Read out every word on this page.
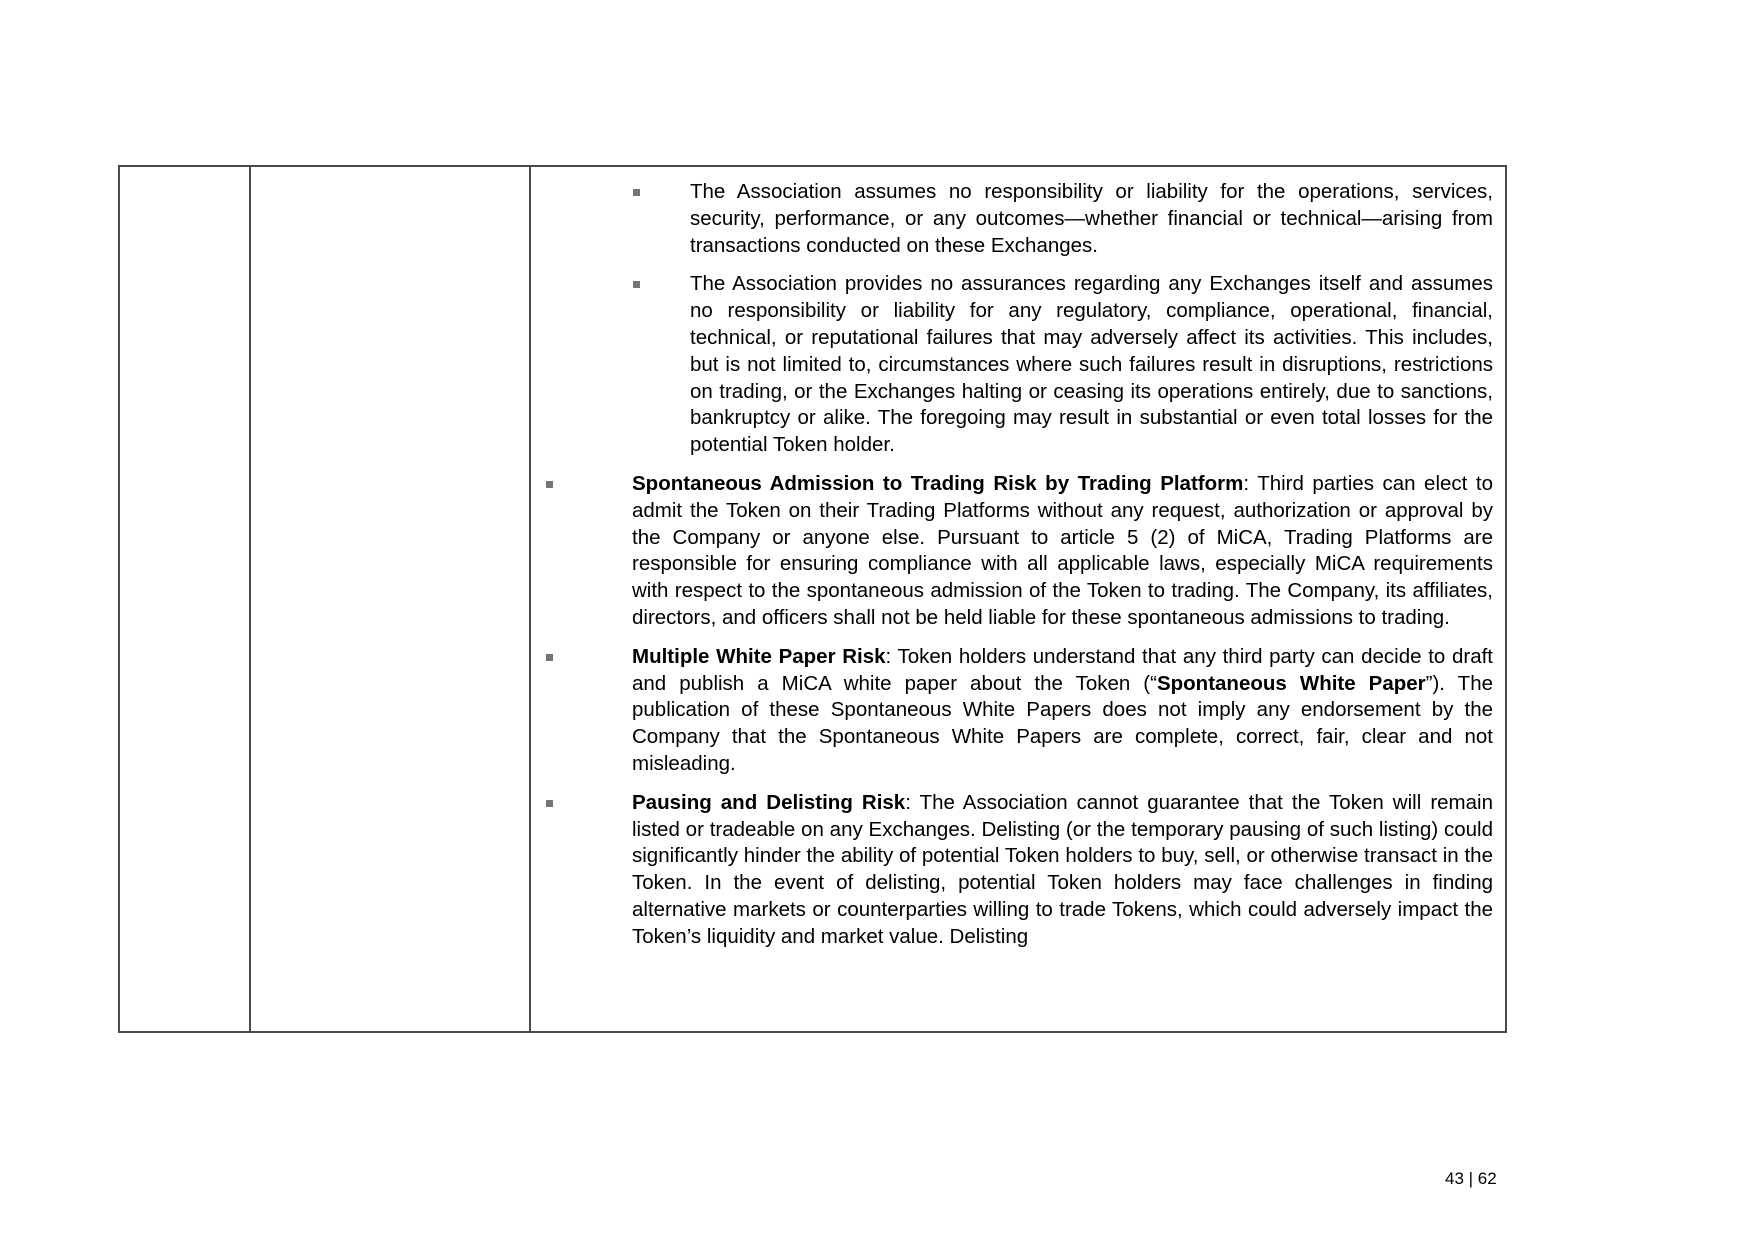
The Association assumes no responsibility or liability for the operations, services, security, performance, or any outcomes—whether financial or technical—arising from transactions conducted on these Exchanges.
The Association provides no assurances regarding any Exchanges itself and assumes no responsibility or liability for any regulatory, compliance, operational, financial, technical, or reputational failures that may adversely affect its activities. This includes, but is not limited to, circumstances where such failures result in disruptions, restrictions on trading, or the Exchanges halting or ceasing its operations entirely, due to sanctions, bankruptcy or alike. The foregoing may result in substantial or even total losses for the potential Token holder.
Spontaneous Admission to Trading Risk by Trading Platform: Third parties can elect to admit the Token on their Trading Platforms without any request, authorization or approval by the Company or anyone else. Pursuant to article 5 (2) of MiCA, Trading Platforms are responsible for ensuring compliance with all applicable laws, especially MiCA requirements with respect to the spontaneous admission of the Token to trading. The Company, its affiliates, directors, and officers shall not be held liable for these spontaneous admissions to trading.
Multiple White Paper Risk: Token holders understand that any third party can decide to draft and publish a MiCA white paper about the Token (“Spontaneous White Paper”). The publication of these Spontaneous White Papers does not imply any endorsement by the Company that the Spontaneous White Papers are complete, correct, fair, clear and not misleading.
Pausing and Delisting Risk: The Association cannot guarantee that the Token will remain listed or tradeable on any Exchanges. Delisting (or the temporary pausing of such listing) could significantly hinder the ability of potential Token holders to buy, sell, or otherwise transact in the Token. In the event of delisting, potential Token holders may face challenges in finding alternative markets or counterparties willing to trade Tokens, which could adversely impact the Token’s liquidity and market value. Delisting
43 | 62
